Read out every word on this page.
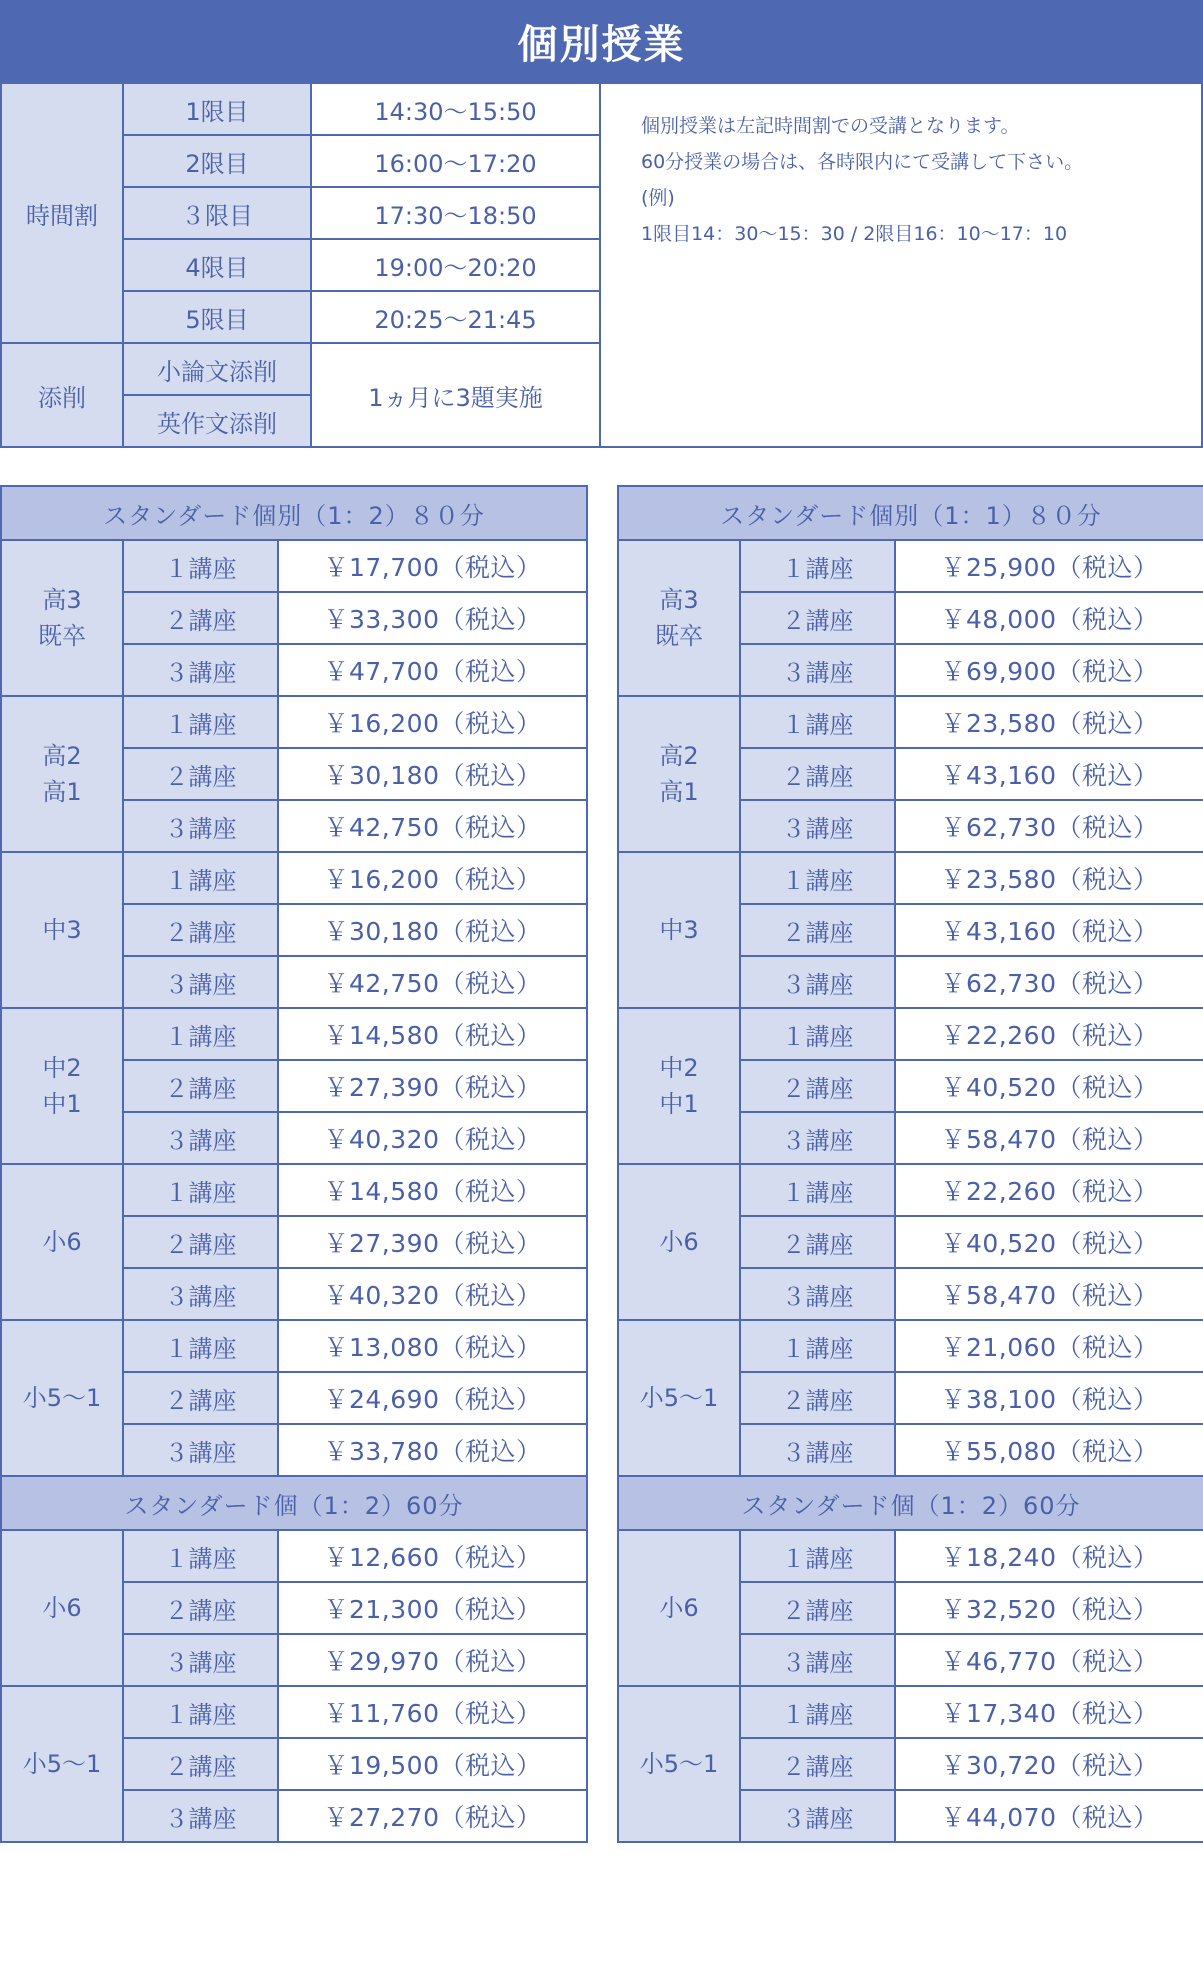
個別授業
時間割	1限目	14:30～15:50	個別授業は左記時間割での受講となります。
60分授業の場合は、各時限内にて受講して下さい。
(例)
1限目14：30～15：30 / 2限目16：10～17：10

	2限目	16:00～17:20	
	３限目	17:30～18:50	
	4限目	19:00～20:20	
	5限目	20:25～21:45	
添削	小論文添削	1ヵ月に3題実施	
	英作文添削		
スタンダード個別（1：2）８０分		

高3
既卒	１講座	￥17,700（税込）
	２講座	￥33,300（税込）
	３講座	￥47,700（税込）

高2
高1	１講座	￥16,200（税込）
	２講座	￥30,180（税込）
	３講座	￥42,750（税込）

中3	１講座	￥16,200（税込）
	２講座	￥30,180（税込）
	３講座	￥42,750（税込）

中2
中1	１講座	￥14,580（税込）
	２講座	￥27,390（税込）
	３講座	￥40,320（税込）

小6	１講座	￥14,580（税込）
	２講座	￥27,390（税込）
	３講座	￥40,320（税込）

小5～1	１講座	￥13,080（税込）
	２講座	￥24,690（税込）
	３講座	￥33,780（税込）
スタンダード個（1：2）60分		

小6	１講座	￥12,660（税込）
	２講座	￥21,300（税込）
	３講座	￥29,970（税込）

小5～1	１講座	￥11,760（税込）
	２講座	￥19,500（税込）
	３講座	￥27,270（税込）
スタンダード個別（1：1）８０分		

高3
既卒	１講座	￥25,900（税込）
	２講座	￥48,000（税込）
	３講座	￥69,900（税込）

高2
高1	１講座	￥23,580（税込）
	２講座	￥43,160（税込）
	３講座	￥62,730（税込）

中3	１講座	￥23,580（税込）
	２講座	￥43,160（税込）
	３講座	￥62,730（税込）

中2
中1	１講座	￥22,260（税込）
	２講座	￥40,520（税込）
	３講座	￥58,470（税込）

小6	１講座	￥22,260（税込）
	２講座	￥40,520（税込）
	３講座	￥58,470（税込）

小5～1	１講座	￥21,060（税込）
	２講座	￥38,100（税込）
	３講座	￥55,080（税込）
スタンダード個（1：2）60分		

小6	１講座	￥18,240（税込）
	２講座	￥32,520（税込）
	３講座	￥46,770（税込）

小5～1	１講座	￥17,340（税込）
	２講座	￥30,720（税込）
	３講座	￥44,070（税込）
